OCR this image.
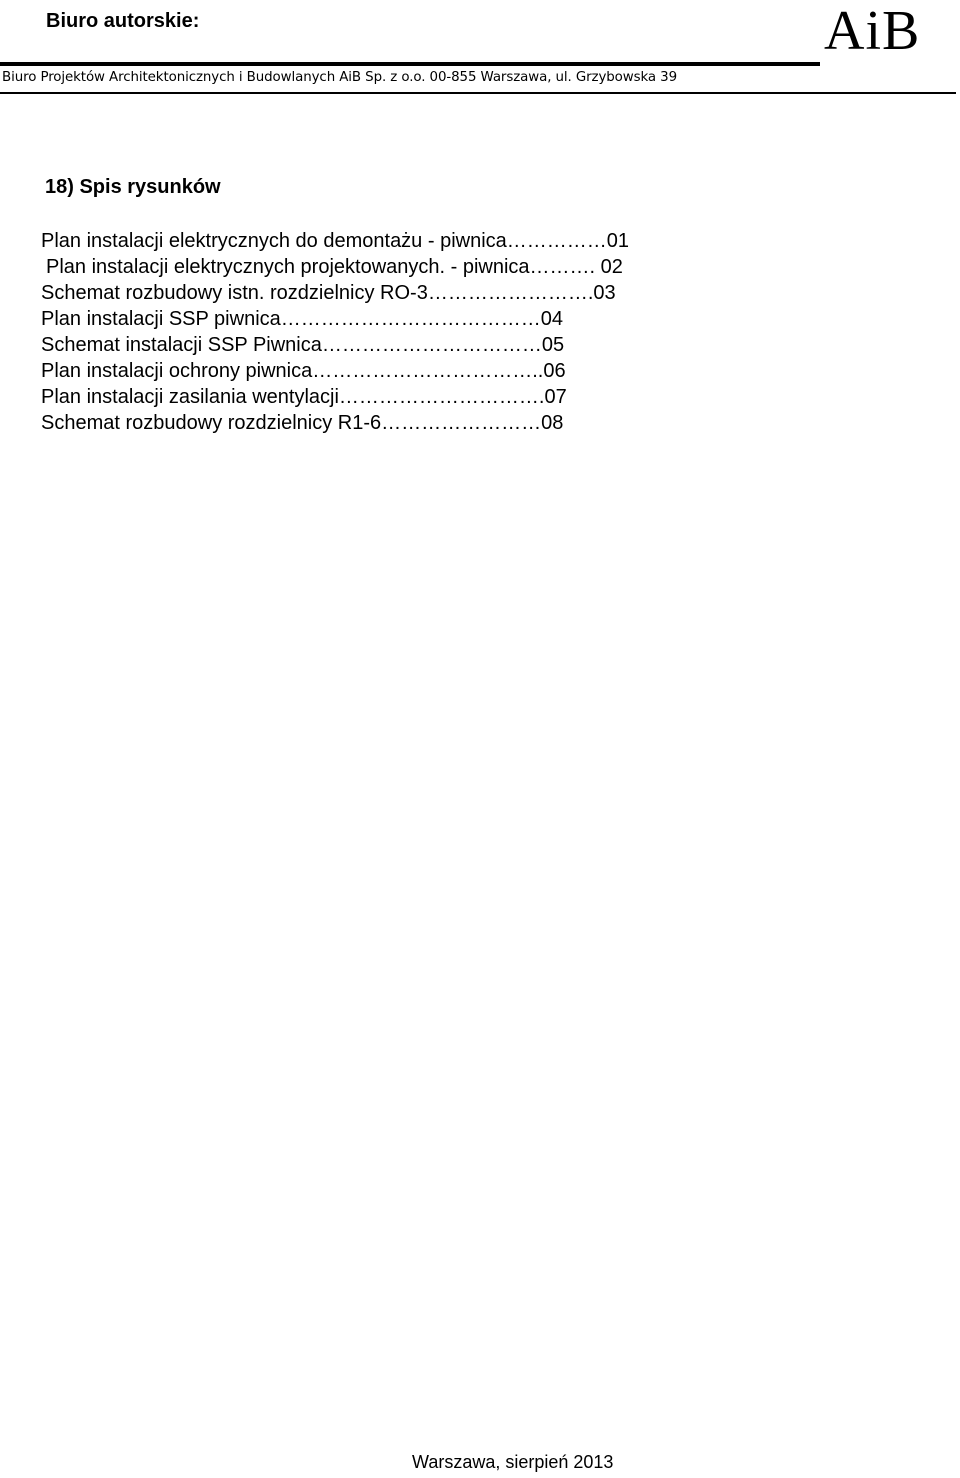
Biuro autorskie:	AiB
Biuro Projektów Architektonicznych i Budowlanych AiB Sp. z o.o. 00-855 Warszawa, ul. Grzybowska 39
18) Spis rysunków
Plan instalacji elektrycznych do demontażu - piwnica……………01
Plan instalacji elektrycznych projektowanych. - piwnica………. 02
Schemat rozbudowy istn. rozdzielnicy RO-3…………………….03
Plan instalacji SSP piwnica…………………………………04
Schemat instalacji SSP Piwnica……………………………05
Plan instalacji ochrony piwnica……………………………..06
Plan instalacji zasilania wentylacji………………………….07
Schemat rozbudowy rozdzielnicy R1-6……………………08
Warszawa, sierpień 2013
